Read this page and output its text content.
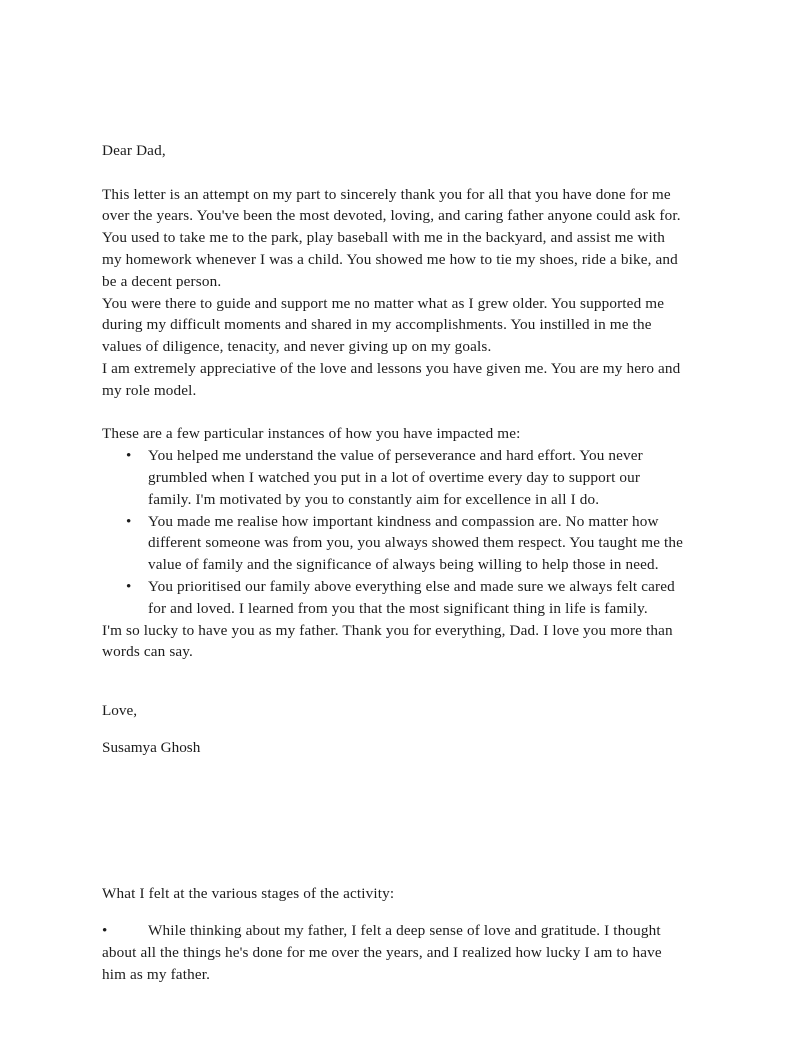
Dear Dad,

This letter is an attempt on my part to sincerely thank you for all that you have done for me over the years. You've been the most devoted, loving, and caring father anyone could ask for. You used to take me to the park, play baseball with me in the backyard, and assist me with my homework whenever I was a child. You showed me how to tie my shoes, ride a bike, and be a decent person.

You were there to guide and support me no matter what as I grew older. You supported me during my difficult moments and shared in my accomplishments. You instilled in me the values of diligence, tenacity, and never giving up on my goals.

I am extremely appreciative of the love and lessons you have given me. You are my hero and my role model.

These are a few particular instances of how you have impacted me:

• You helped me understand the value of perseverance and hard effort. You never grumbled when I watched you put in a lot of overtime every day to support our family. I'm motivated by you to constantly aim for excellence in all I do.
• You made me realise how important kindness and compassion are. No matter how different someone was from you, you always showed them respect. You taught me the value of family and the significance of always being willing to help those in need.
• You prioritised our family above everything else and made sure we always felt cared for and loved. I learned from you that the most significant thing in life is family.

I'm so lucky to have you as my father. Thank you for everything, Dad. I love you more than words can say.

Love,

Susamya Ghosh

What I felt at the various stages of the activity:

•	While thinking about my father, I felt a deep sense of love and gratitude. I thought about all the things he's done for me over the years, and I realized how lucky I am to have him as my father.
